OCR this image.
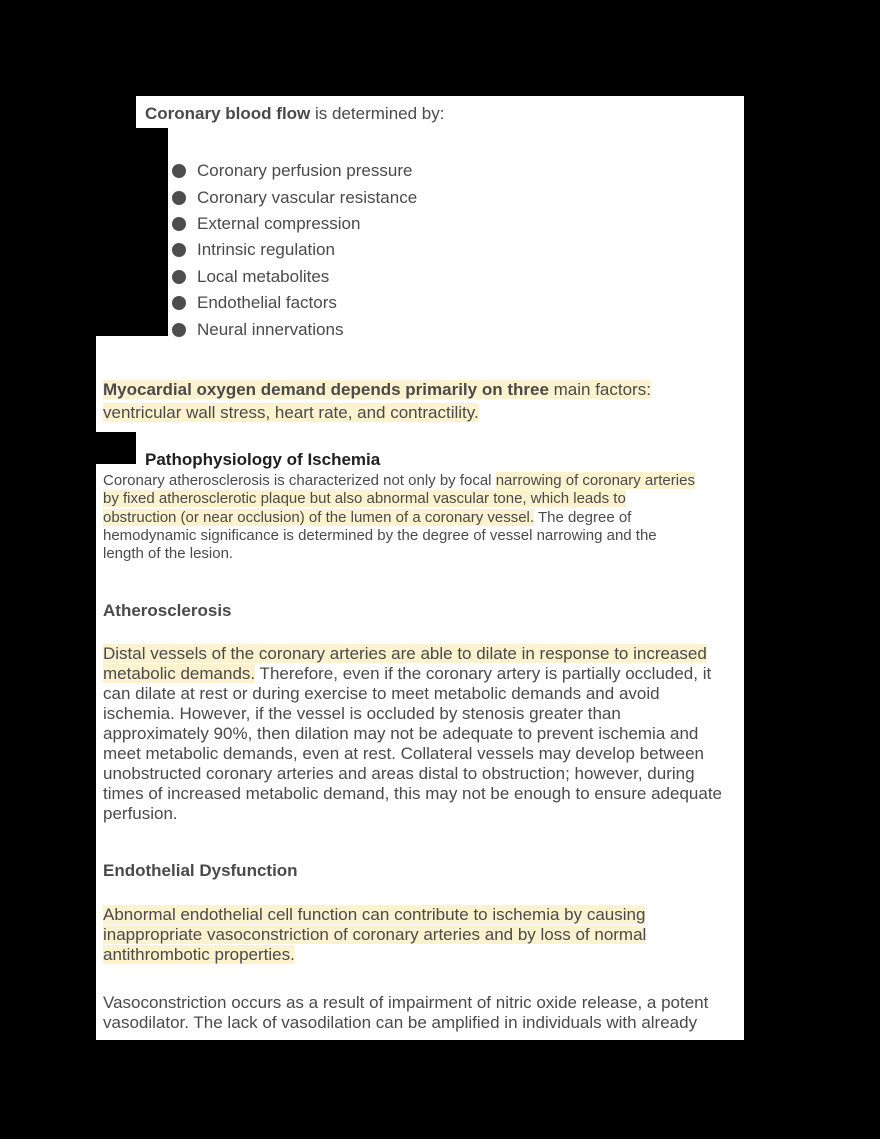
Coronary blood flow is determined by:
Coronary perfusion pressure
Coronary vascular resistance
External compression
Intrinsic regulation
Local metabolites
Endothelial factors
Neural innervations
Myocardial oxygen demand depends primarily on three main factors:
ventricular wall stress, heart rate, and contractility.
Pathophysiology of Ischemia
Coronary atherosclerosis is characterized not only by focal narrowing of coronary arteries
by fixed atherosclerotic plaque but also abnormal vascular tone, which leads to
obstruction (or near occlusion) of the lumen of a coronary vessel. The degree of
hemodynamic significance is determined by the degree of vessel narrowing and the
length of the lesion.
Atherosclerosis
Distal vessels of the coronary arteries are able to dilate in response to increased
metabolic demands. Therefore, even if the coronary artery is partially occluded, it
can dilate at rest or during exercise to meet metabolic demands and avoid
ischemia. However, if the vessel is occluded by stenosis greater than
approximately 90%, then dilation may not be adequate to prevent ischemia and
meet metabolic demands, even at rest. Collateral vessels may develop between
unobstructed coronary arteries and areas distal to obstruction; however, during
times of increased metabolic demand, this may not be enough to ensure adequate
perfusion.
Endothelial Dysfunction
Abnormal endothelial cell function can contribute to ischemia by causing
inappropriate vasoconstriction of coronary arteries and by loss of normal
antithrombotic properties.
Vasoconstriction occurs as a result of impairment of nitric oxide release, a potent
vasodilator. The lack of vasodilation can be amplified in individuals with already
